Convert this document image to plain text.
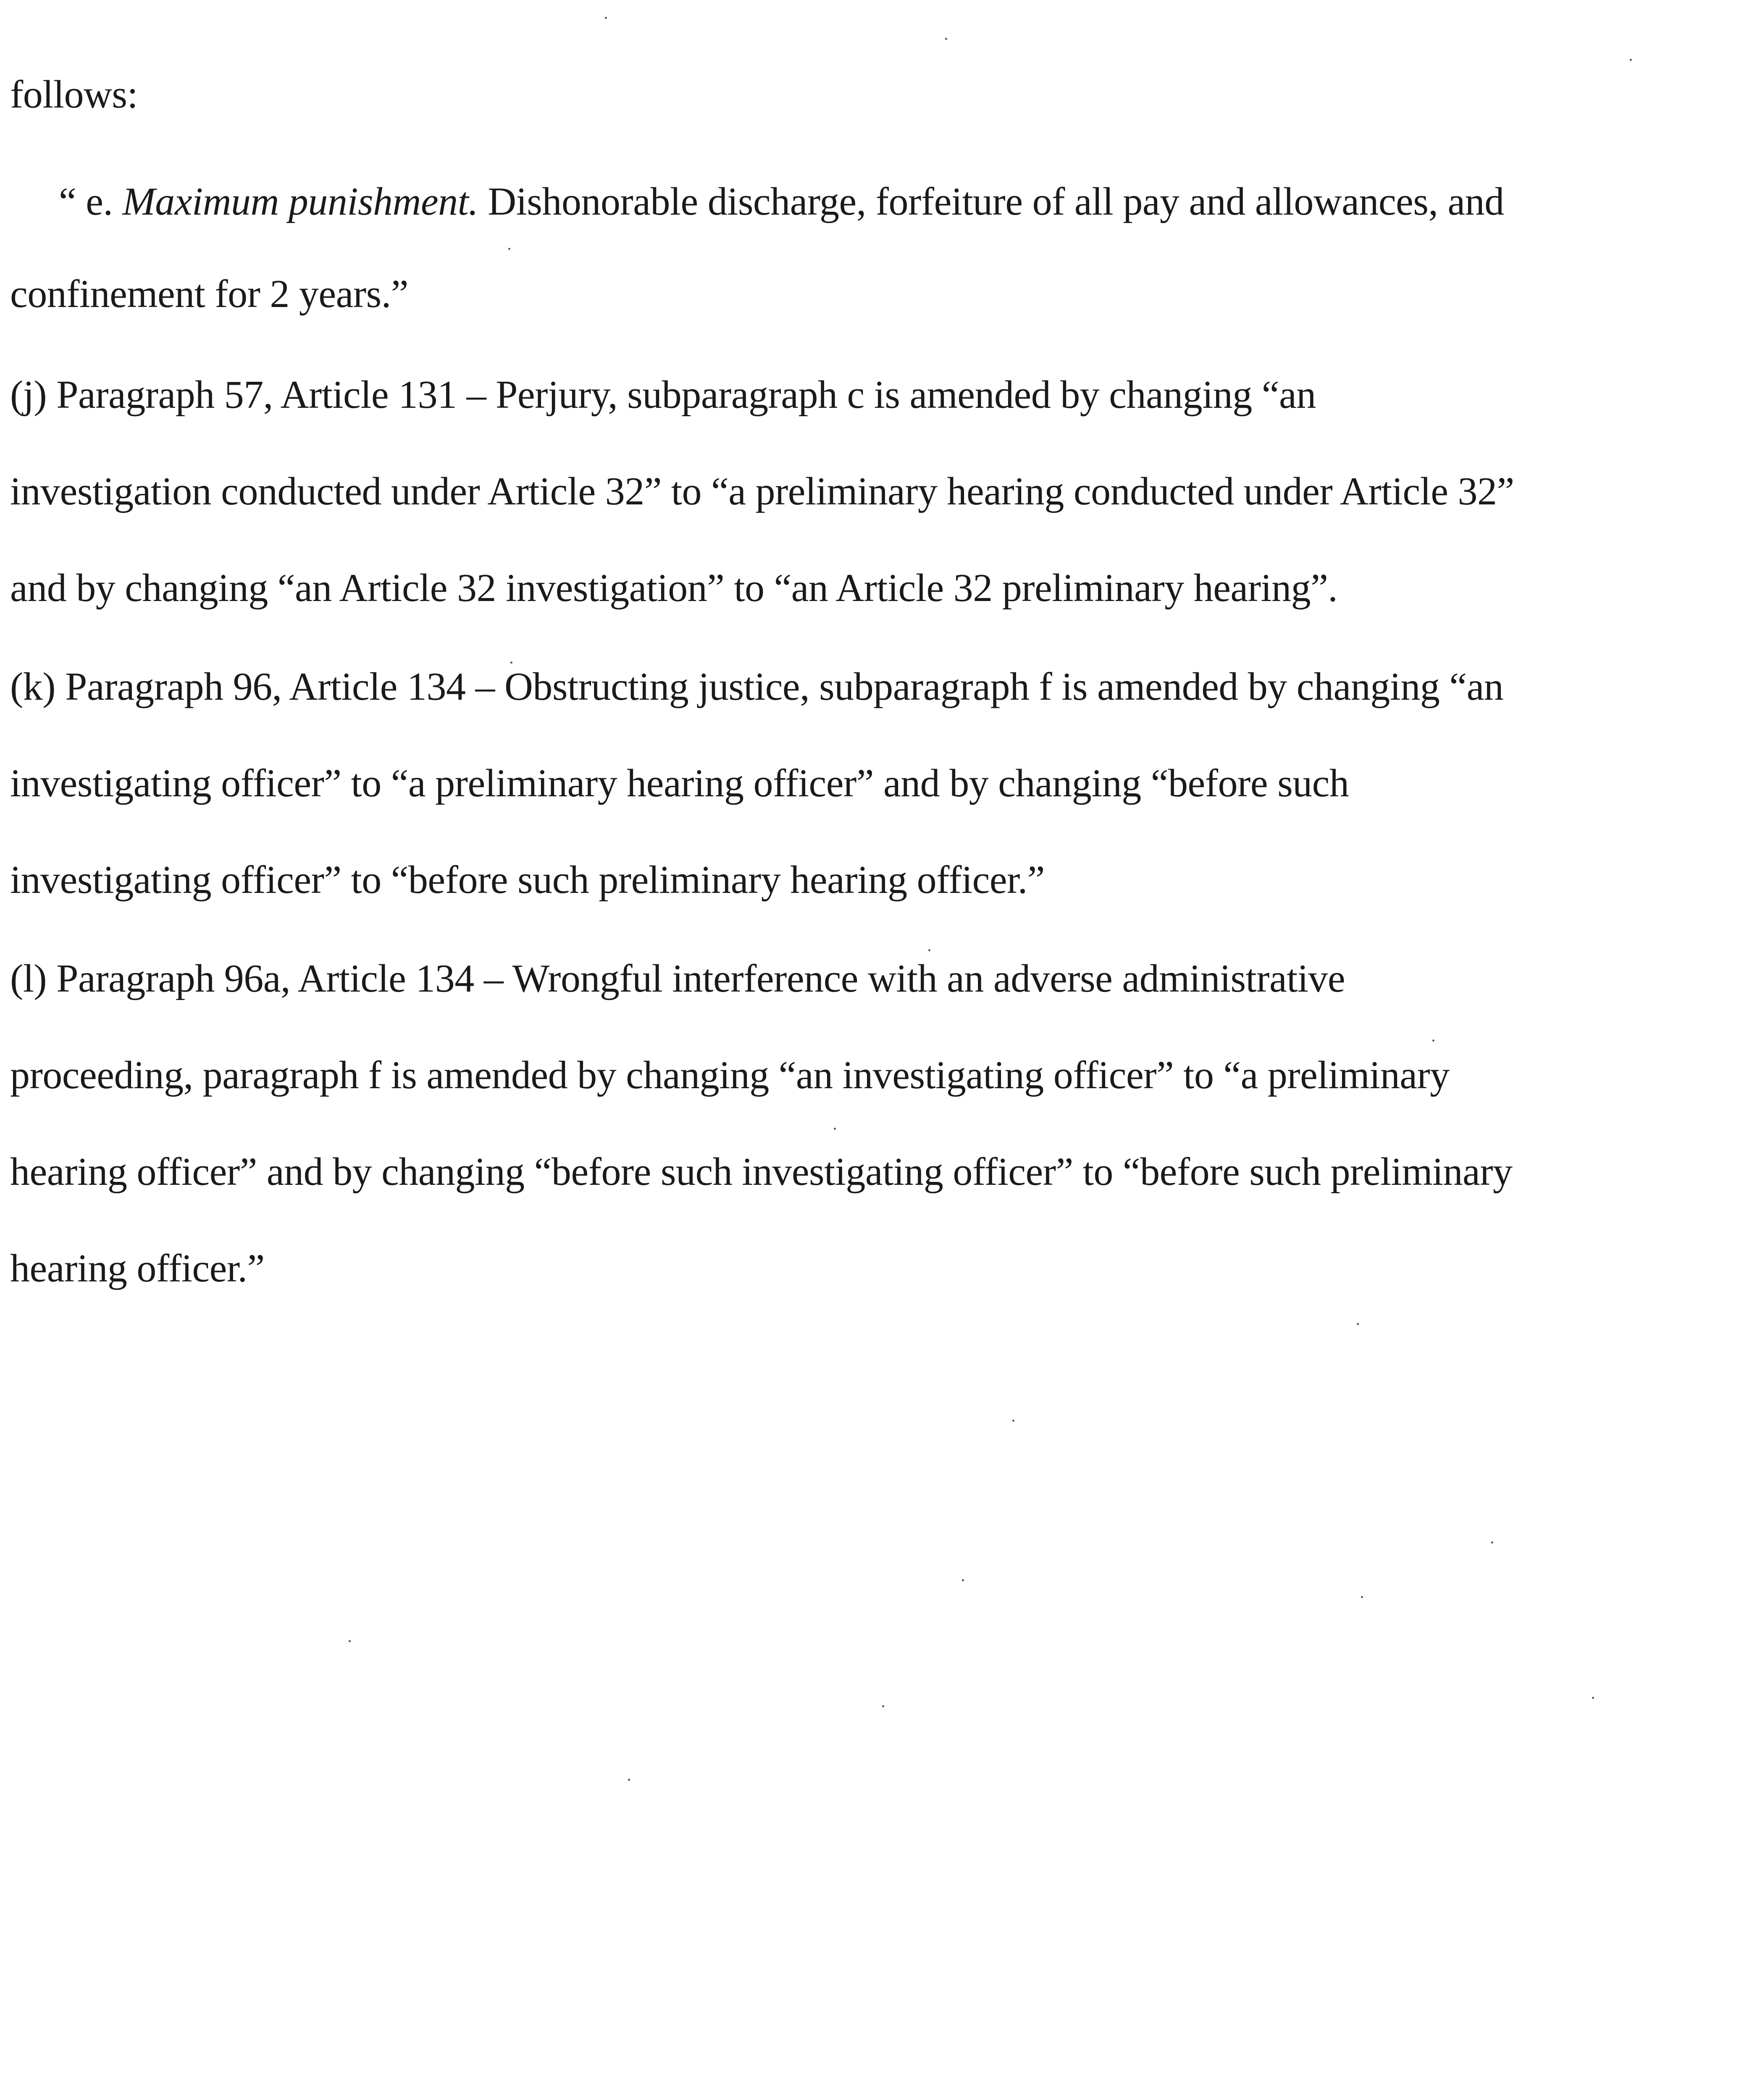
follows:
“ e. Maximum punishment. Dishonorable discharge, forfeiture of all pay and allowances, and
confinement for 2 years.”
(j) Paragraph 57, Article 131 – Perjury, subparagraph c is amended by changing “an
investigation conducted under Article 32” to “a preliminary hearing conducted under Article 32”
and by changing “an Article 32 investigation” to “an Article 32 preliminary hearing”.
(k) Paragraph 96, Article 134 – Obstructing justice, subparagraph f is amended by changing “an
investigating officer” to “a preliminary hearing officer” and by changing “before such
investigating officer” to “before such preliminary hearing officer.”
(l) Paragraph 96a, Article 134 – Wrongful interference with an adverse administrative
proceeding, paragraph f is amended by changing “an investigating officer” to “a preliminary
hearing officer” and by changing “before such investigating officer” to “before such preliminary
hearing officer.”
